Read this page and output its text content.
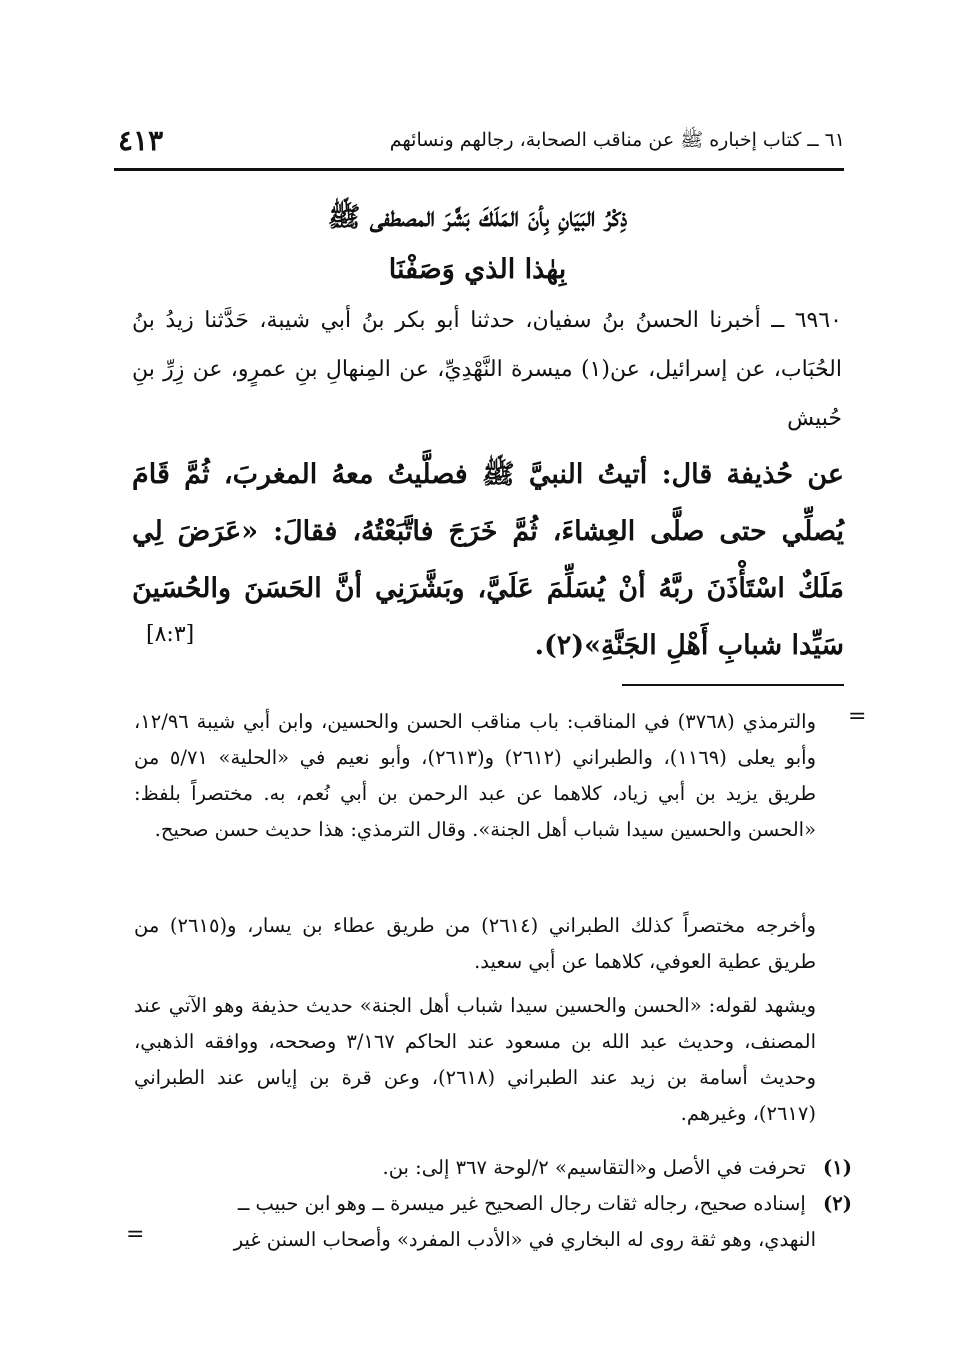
٦١ ــ كتاب إخباره ﷺ عن مناقب الصحابة، رجالهم ونسائهم
٤١٣
ذِكْرُ البَيَانِ بِأنَ المَلَكَ بَشَّرَ المصطفى ﷺ
بِهٰذا الذي وَصَفْنَا

٦٩٦٠ ــ أخبرنا الحسنُ بنُ سفيان، حدثنا أبو بكر بنُ أبي شيبة، حَدَّثنا زيدُ بنُ الحُبَاب، عن إسرائيل، عن(١) ميسرة النَّهْدِيِّ، عن المِنهالِ بنِ عمرٍو، عن زِرِّ بنِ حُبيش

عن حُذيفة قال: أتيتُ النبيَّ ﷺ فصلَّيتُ معهُ المغربَ، ثُمَّ قَامَ يُصلِّي حتى صلَّى العِشاءَ، ثُمَّ خَرَجَ فاتَّبَعْتُهُ، فقالَ: «عَرَضَ لِي مَلَكٌ اسْتَأْذَنَ ربَّهُ أنْ يُسَلِّمَ عَلَيَّ، وبَشَّرَنِي أنَّ الحَسَنَ والحُسَينَ سَيِّدا شبابِ أَهْلِ الجَنَّةِ»(٢).

[٨:٣]
=

والترمذي (٣٧٦٨) في المناقب: باب مناقب الحسن والحسين، وابن أبي شيبة ١٢/٩٦، وأبو يعلى (١١٦٩)، والطبراني (٢٦١٢) و(٢٦١٣)، وأبو نعيم في «الحلية» ٥/٧١ من طريق يزيد بن أبي زياد، كلاهما عن عبد الرحمن بن أبي نُعم، به. مختصراً بلفظ: «الحسن والحسين سيدا شباب أهل الجنة». وقال الترمذي: هذا حديث حسن صحيح.

وأخرجه مختصراً كذلك الطبراني (٢٦١٤) من طريق عطاء بن يسار، و(٢٦١٥) من طريق عطية العوفي، كلاهما عن أبي سعيد.

ويشهد لقوله: «الحسن والحسين سيدا شباب أهل الجنة» حديث حذيفة وهو الآتي عند المصنف، وحديث عبد الله بن مسعود عند الحاكم ٣/١٦٧ وصححه، ووافقه الذهبي، وحديث أسامة بن زيد عند الطبراني (٢٦١٨)، وعن قرة بن إياس عند الطبراني (٢٦١٧)، وغيرهم.

(١) تحرفت في الأصل و«التقاسيم» ٢/لوحة ٣٦٧ إلى: بن.
(٢) إسناده صحيح، رجاله ثقات رجال الصحيح غير ميسرة ــ وهو ابن حبيب ــ

النهدي، وهو ثقة روى له البخاري في «الأدب المفرد» وأصحاب السنن غير

=
